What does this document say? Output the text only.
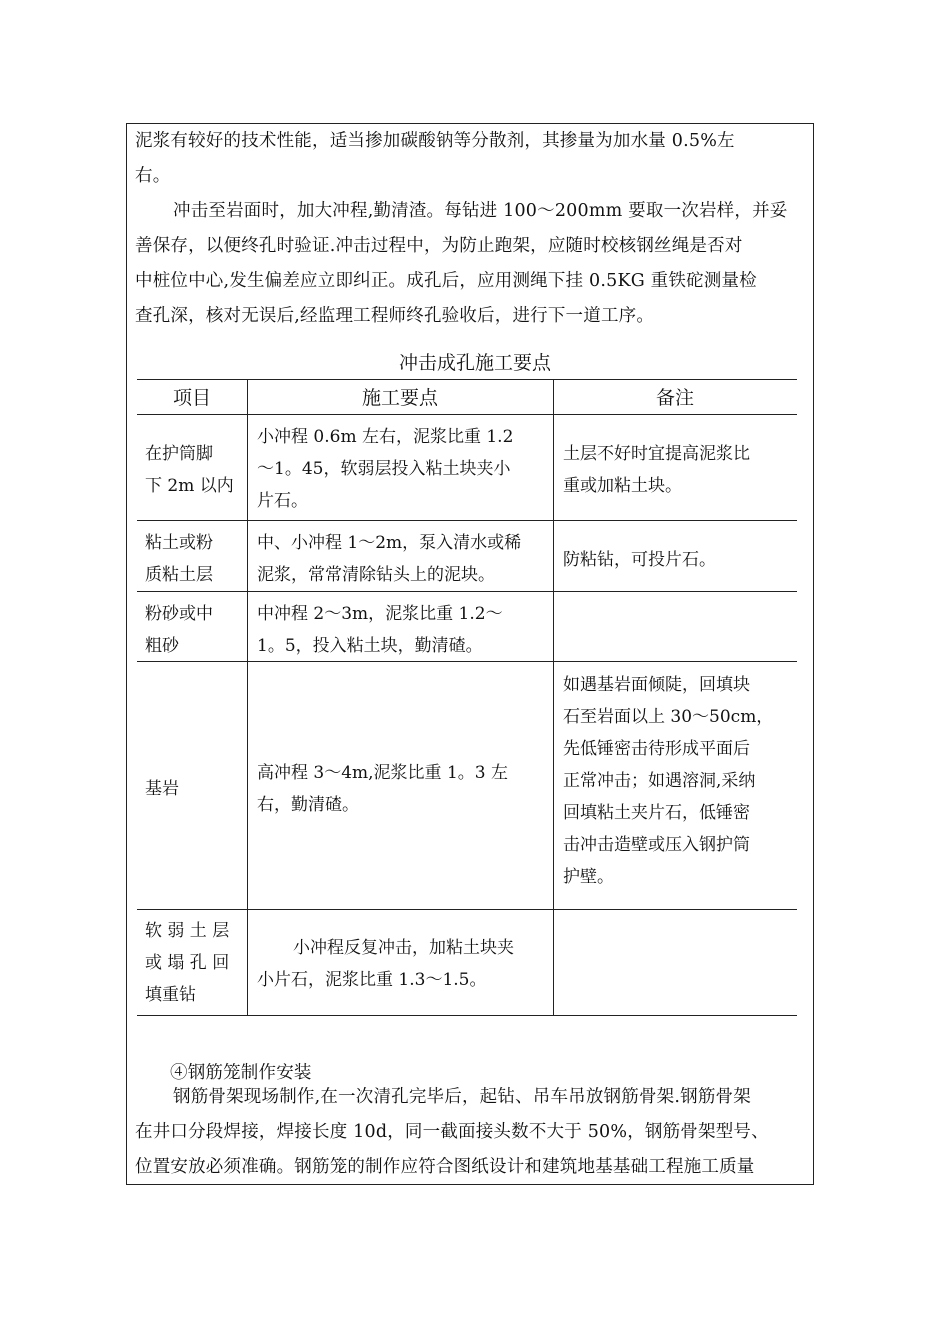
泥浆有较好的技术性能，适当掺加碳酸钠等分散剂，其掺量为加水量 0.5%左
右。
冲击至岩面时，加大冲程,勤清渣。每钻进 100～200mm 要取一次岩样，并妥
善保存，以便终孔时验证.冲击过程中，为防止跑架，应随时校核钢丝绳是否对
中桩位中心,发生偏差应立即纠正。成孔后，应用测绳下挂 0.5KG 重铁砣测量检
查孔深，核对无误后,经监理工程师终孔验收后，进行下一道工序。
冲击成孔施工要点
项目	施工要点	备注
在护筒脚
下 2m 以内
小冲程 0.6m 左右，泥浆比重 1.2
～1。45，软弱层投入粘土块夹小
片石。
土层不好时宜提高泥浆比
重或加粘土块。
粘土或粉
质粘土层
中、小冲程 1～2m，泵入清水或稀
泥浆，常常清除钻头上的泥块。
防粘钻，可投片石。
粉砂或中
粗砂
中冲程 2～3m，泥浆比重 1.2～
1。5，投入粘土块，勤清碴。
基岩
高冲程 3～4m,泥浆比重 1。3 左
右，勤清碴。
如遇基岩面倾陡，回填块
石至岩面以上 30～50cm，
先低锤密击待形成平面后
正常冲击；如遇溶洞,采纳
回填粘土夹片石，低锤密
击冲击造壁或压入钢护筒
护壁。
软 弱 土 层
或 塌 孔 回
填重钻
小冲程反复冲击，加粘土块夹
小片石，泥浆比重 1.3～1.5。
④钢筋笼制作安装
钢筋骨架现场制作,在一次清孔完毕后，起钻、吊车吊放钢筋骨架.钢筋骨架
在井口分段焊接，焊接长度 10d，同一截面接头数不大于 50%，钢筋骨架型号、
位置安放必须准确。钢筋笼的制作应符合图纸设计和建筑地基基础工程施工质量
